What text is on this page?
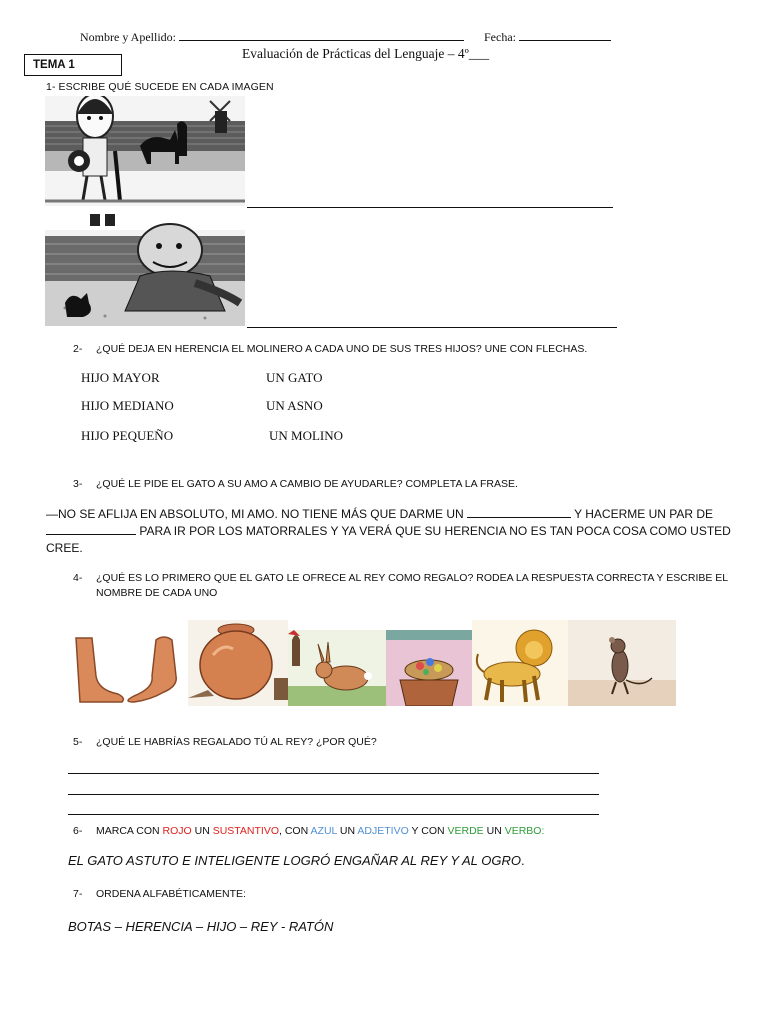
Nombre y Apellido:	Fecha:
Evaluación de Prácticas del Lenguaje – 4º___
TEMA 1
1- ESCRIBE QUÉ SUCEDE EN CADA IMAGEN
2- ¿QUÉ DEJA EN HERENCIA EL MOLINERO A CADA UNO DE SUS TRES HIJOS? UNE CON FLECHAS.
HIJO MAYOR
HIJO MEDIANO
HIJO PEQUEÑO
UN GATO
UN ASNO
UN MOLINO
3- ¿QUÉ LE PIDE EL GATO A SU AMO A CAMBIO DE AYUDARLE? COMPLETA LA FRASE.
—NO SE AFLIJA EN ABSOLUTO, MI AMO. NO TIENE MÁS QUE DARME UN	Y HACERME UN PAR DE
PARA IR POR LOS MATORRALES Y YA VERÁ QUE SU HERENCIA NO ES TAN POCA COSA COMO USTED
CREE.
4- ¿QUÉ ES LO PRIMERO QUE EL GATO LE OFRECE AL REY COMO REGALO? RODEA LA RESPUESTA CORRECTA Y ESCRIBE EL
NOMBRE DE CADA UNO
5- ¿QUÉ LE HABRÍAS REGALADO TÚ AL REY? ¿POR QUÉ?
6- MARCA CON ROJO UN SUSTANTIVO, CON AZUL UN ADJETIVO Y CON VERDE UN VERBO:
EL GATO ASTUTO E INTELIGENTE LOGRÓ ENGAÑAR AL REY Y AL OGRO.
7- ORDENA ALFABÉTICAMENTE:
BOTAS – HERENCIA – HIJO – REY - RATÓN
